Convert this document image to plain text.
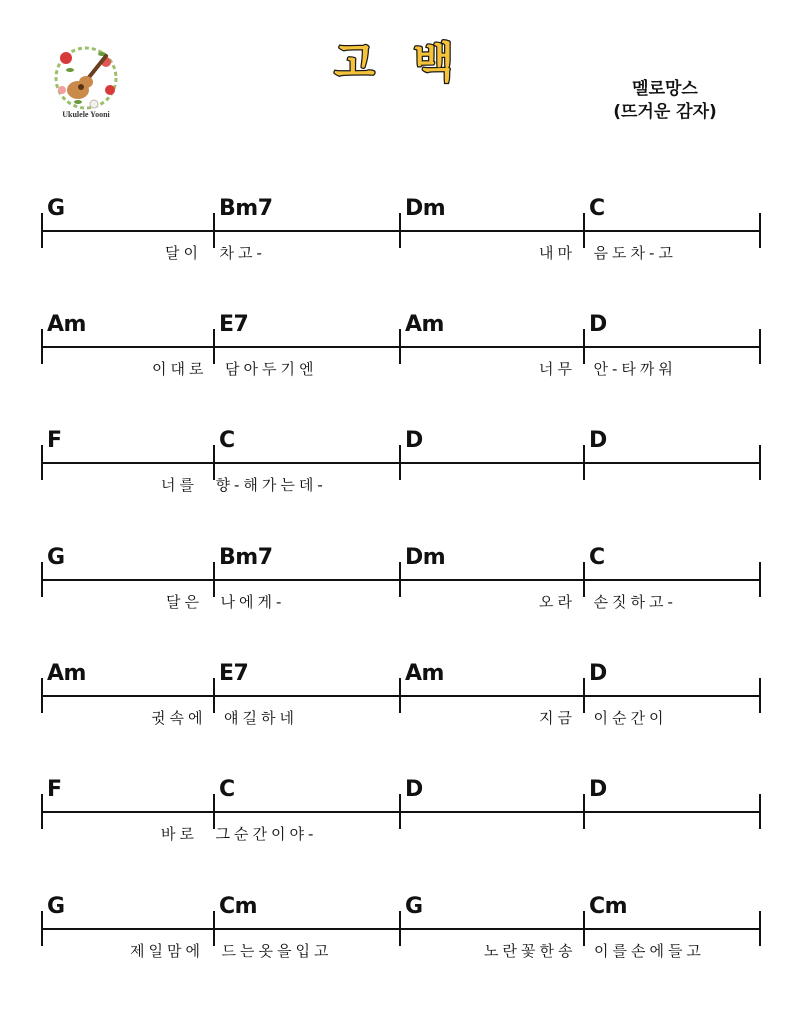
Ukulele Yooni
고 백
멜로망스
(뜨거운 감자)
G	Bm7	Dm	C
달이  차고-	내마  음도차-고
Am	E7	Am	D
이대로  담아두기엔	너무  안-타까워
F	C	D	D
너를  향-해가는데-
G	Bm7	Dm	C
달은  나에게-	오라  손짓하고-
Am	E7	Am	D
귓속에  얘길하네	지금  이순간이
F	C	D	D
바로  그순간이야-
G	Cm	G	Cm
제일맘에  드는옷을입고	노란꽃한송  이를손에들고
